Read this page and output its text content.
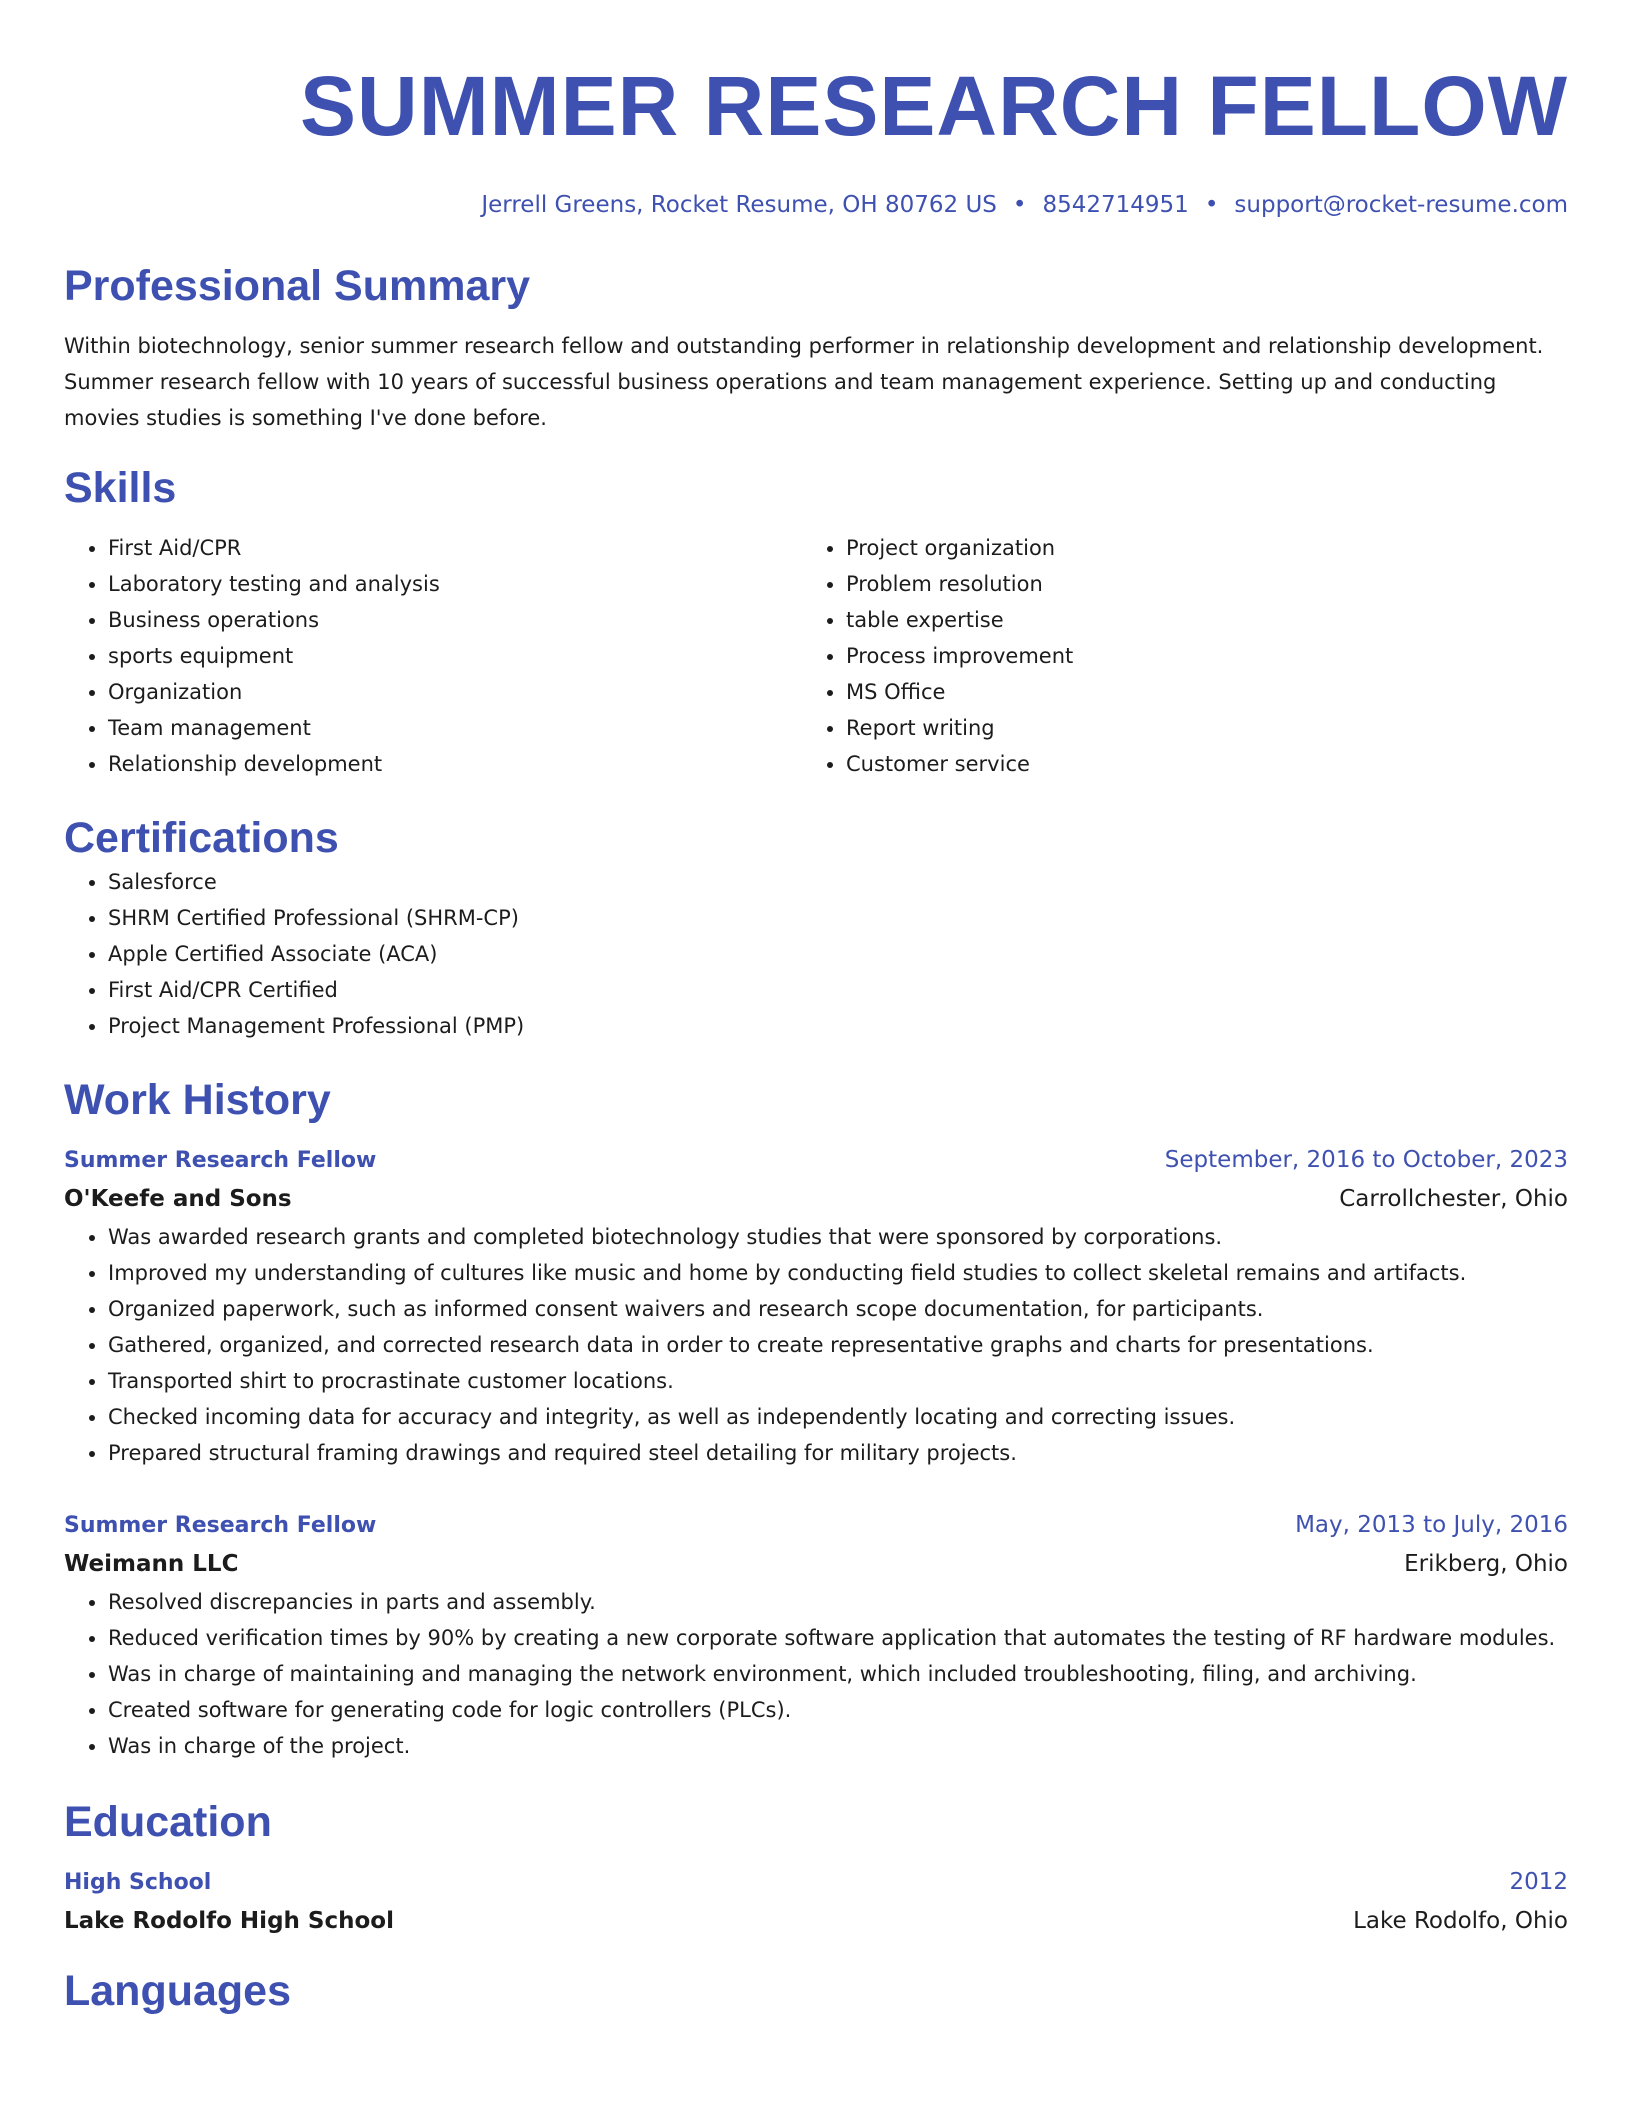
SUMMER RESEARCH FELLOW
Jerrell Greens, Rocket Resume, OH 80762 US • 8542714951 • support@rocket-resume.com
Professional Summary
Within biotechnology, senior summer research fellow and outstanding performer in relationship development and relationship development. Summer research fellow with 10 years of successful business operations and team management experience. Setting up and conducting movies studies is something I've done before.
Skills
• First Aid/CPR
• Laboratory testing and analysis
• Business operations
• sports equipment
• Organization
• Team management
• Relationship development
• Project organization
• Problem resolution
• table expertise
• Process improvement
• MS Office
• Report writing
• Customer service
Certifications
• Salesforce
• SHRM Certified Professional (SHRM-CP)
• Apple Certified Associate (ACA)
• First Aid/CPR Certified
• Project Management Professional (PMP)
Work History
Summer Research Fellow	September, 2016 to October, 2023
O'Keefe and Sons	Carrollchester, Ohio
• Was awarded research grants and completed biotechnology studies that were sponsored by corporations.
• Improved my understanding of cultures like music and home by conducting field studies to collect skeletal remains and artifacts.
• Organized paperwork, such as informed consent waivers and research scope documentation, for participants.
• Gathered, organized, and corrected research data in order to create representative graphs and charts for presentations.
• Transported shirt to procrastinate customer locations.
• Checked incoming data for accuracy and integrity, as well as independently locating and correcting issues.
• Prepared structural framing drawings and required steel detailing for military projects.
Summer Research Fellow	May, 2013 to July, 2016
Weimann LLC	Erikberg, Ohio
• Resolved discrepancies in parts and assembly.
• Reduced verification times by 90% by creating a new corporate software application that automates the testing of RF hardware modules.
• Was in charge of maintaining and managing the network environment, which included troubleshooting, filing, and archiving.
• Created software for generating code for logic controllers (PLCs).
• Was in charge of the project.
Education
High School	2012
Lake Rodolfo High School	Lake Rodolfo, Ohio
Languages
